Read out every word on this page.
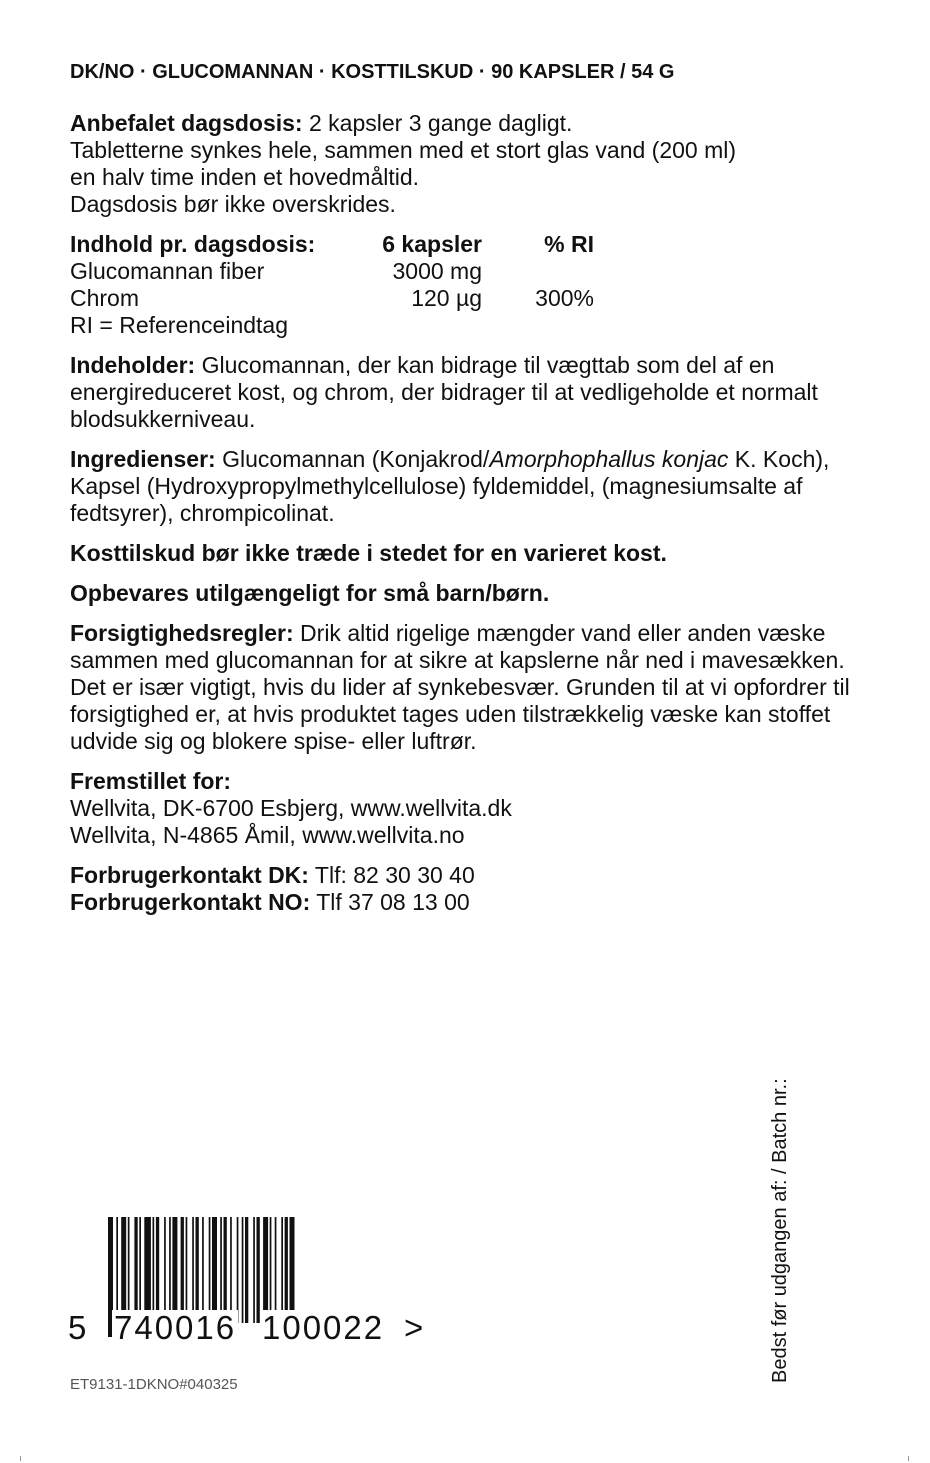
DK/NO · GLUCOMANNAN · KOSTTILSKUD · 90 KAPSLER / 54 G

Anbefalet dagsdosis: 2 kapsler 3 gange dagligt.

Tabletterne synkes hele, sammen med et stort glas vand (200 ml)

en halv time inden et hovedmåltid.

Dagsdosis bør ikke overskrides.

Indhold pr. dagsdosis:	6 kapsler	% RI
Glucomannan fiber	3000 mg
Chrom	120 µg	300%
RI = Referenceindtag

Indeholder: Glucomannan, der kan bidrage til vægttab som del af en energireduceret kost, og chrom, der bidrager til at vedligeholde et normalt blodsukkerniveau.

Ingredienser: Glucomannan (Konjakrod/Amorphophallus konjac K. Koch), Kapsel (Hydroxypropylmethylcellulose) fyldemiddel, (magnesiumsalte af fedtsyrer), chrompicolinat.

Kosttilskud bør ikke træde i stedet for en varieret kost.

Opbevares utilgængeligt for små barn/børn.

Forsigtighedsregler: Drik altid rigelige mængder vand eller anden væske sammen med glucomannan for at sikre at kapslerne når ned i mavesækken. Det er især vigtigt, hvis du lider af synkebesvær. Grunden til at vi opfordrer til forsigtighed er, at hvis produktet tages uden tilstrækkelig væske kan stoffet udvide sig og blokere spise- eller luftrør.

Fremstillet for:

Wellvita, DK-6700 Esbjerg, www.wellvita.dk

Wellvita, N-4865 Åmil, www.wellvita.no

Forbrugerkontakt DK: Tlf: 82 30 30 40

Forbrugerkontakt NO: Tlf 37 08 13 00

5 740016 100022 >
ET9131-1DKNO#040325
Bedst før udgangen af: / Batch nr.:
